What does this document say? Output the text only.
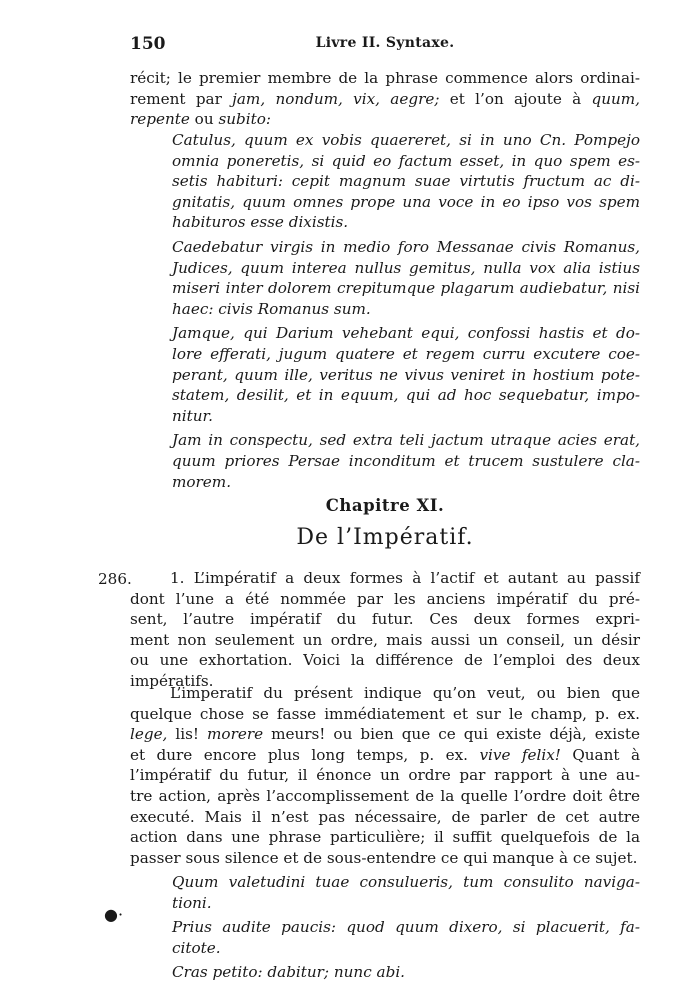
150	Livre II. Syntaxe.
récit; le premier membre de la phrase commence alors ordinai-
rement par jam, nondum, vix, aegre; et l’on ajoute à quum,
repente ou subito:
Catulus, quum ex vobis quaereret, si in uno Cn. Pompejo
omnia poneretis, si quid eo factum esset, in quo spem es-
setis habituri: cepit magnum suae virtutis fructum ac di-
gnitatis, quum omnes prope una voce in eo ipso vos spem
habituros esse dixistis.
Caedebatur virgis in medio foro Messanae civis Romanus,
Judices, quum interea nullus gemitus, nulla vox alia istius
miseri inter dolorem crepitumque plagarum audiebatur, nisi
haec: civis Romanus sum.
Jamque, qui Darium vehebant equi, confossi hastis et do-
lore efferati, jugum quatere et regem curru excutere coe-
perant, quum ille, veritus ne vivus veniret in hostium pote-
statem, desilit, et in equum, qui ad hoc sequebatur, impo-
nitur.
Jam in conspectu, sed extra teli jactum utraque acies erat,
quum priores Persae inconditum et trucem sustulere cla-
morem.
Chapitre XI.
De l’Impératif.
286.	1. L’impératif a deux formes à l’actif et autant au passif
dont l’une a été nommée par les anciens impératif du pré-
sent, l’autre impératif du futur. Ces deux formes expri-
ment non seulement un ordre, mais aussi un conseil, un désir
ou une exhortation. Voici la différence de l’emploi des deux
impératifs.
L’imperatif du présent indique qu’on veut, ou bien que
quelque chose se fasse immédiatement et sur le champ, p. ex.
lege, lis! morere meurs! ou bien que ce qui existe déjà, existe
et dure encore plus long temps, p. ex. vive felix! Quant à
l’impératif du futur, il énonce un ordre par rapport à une au-
tre action, après l’accomplissement de la quelle l’ordre doit être
executé. Mais il n’est pas nécessaire, de parler de cet autre
action dans une phrase particulière; il suffit quelquefois de la
passer sous silence et de sous-entendre ce qui manque à ce sujet.
Quum valetudini tuae consulueris, tum consulito naviga-
tioni.
Prius audite paucis: quod quum dixero, si placuerit, fa-
citote.
Cras petito: dabitur; nunc abi.
●·
